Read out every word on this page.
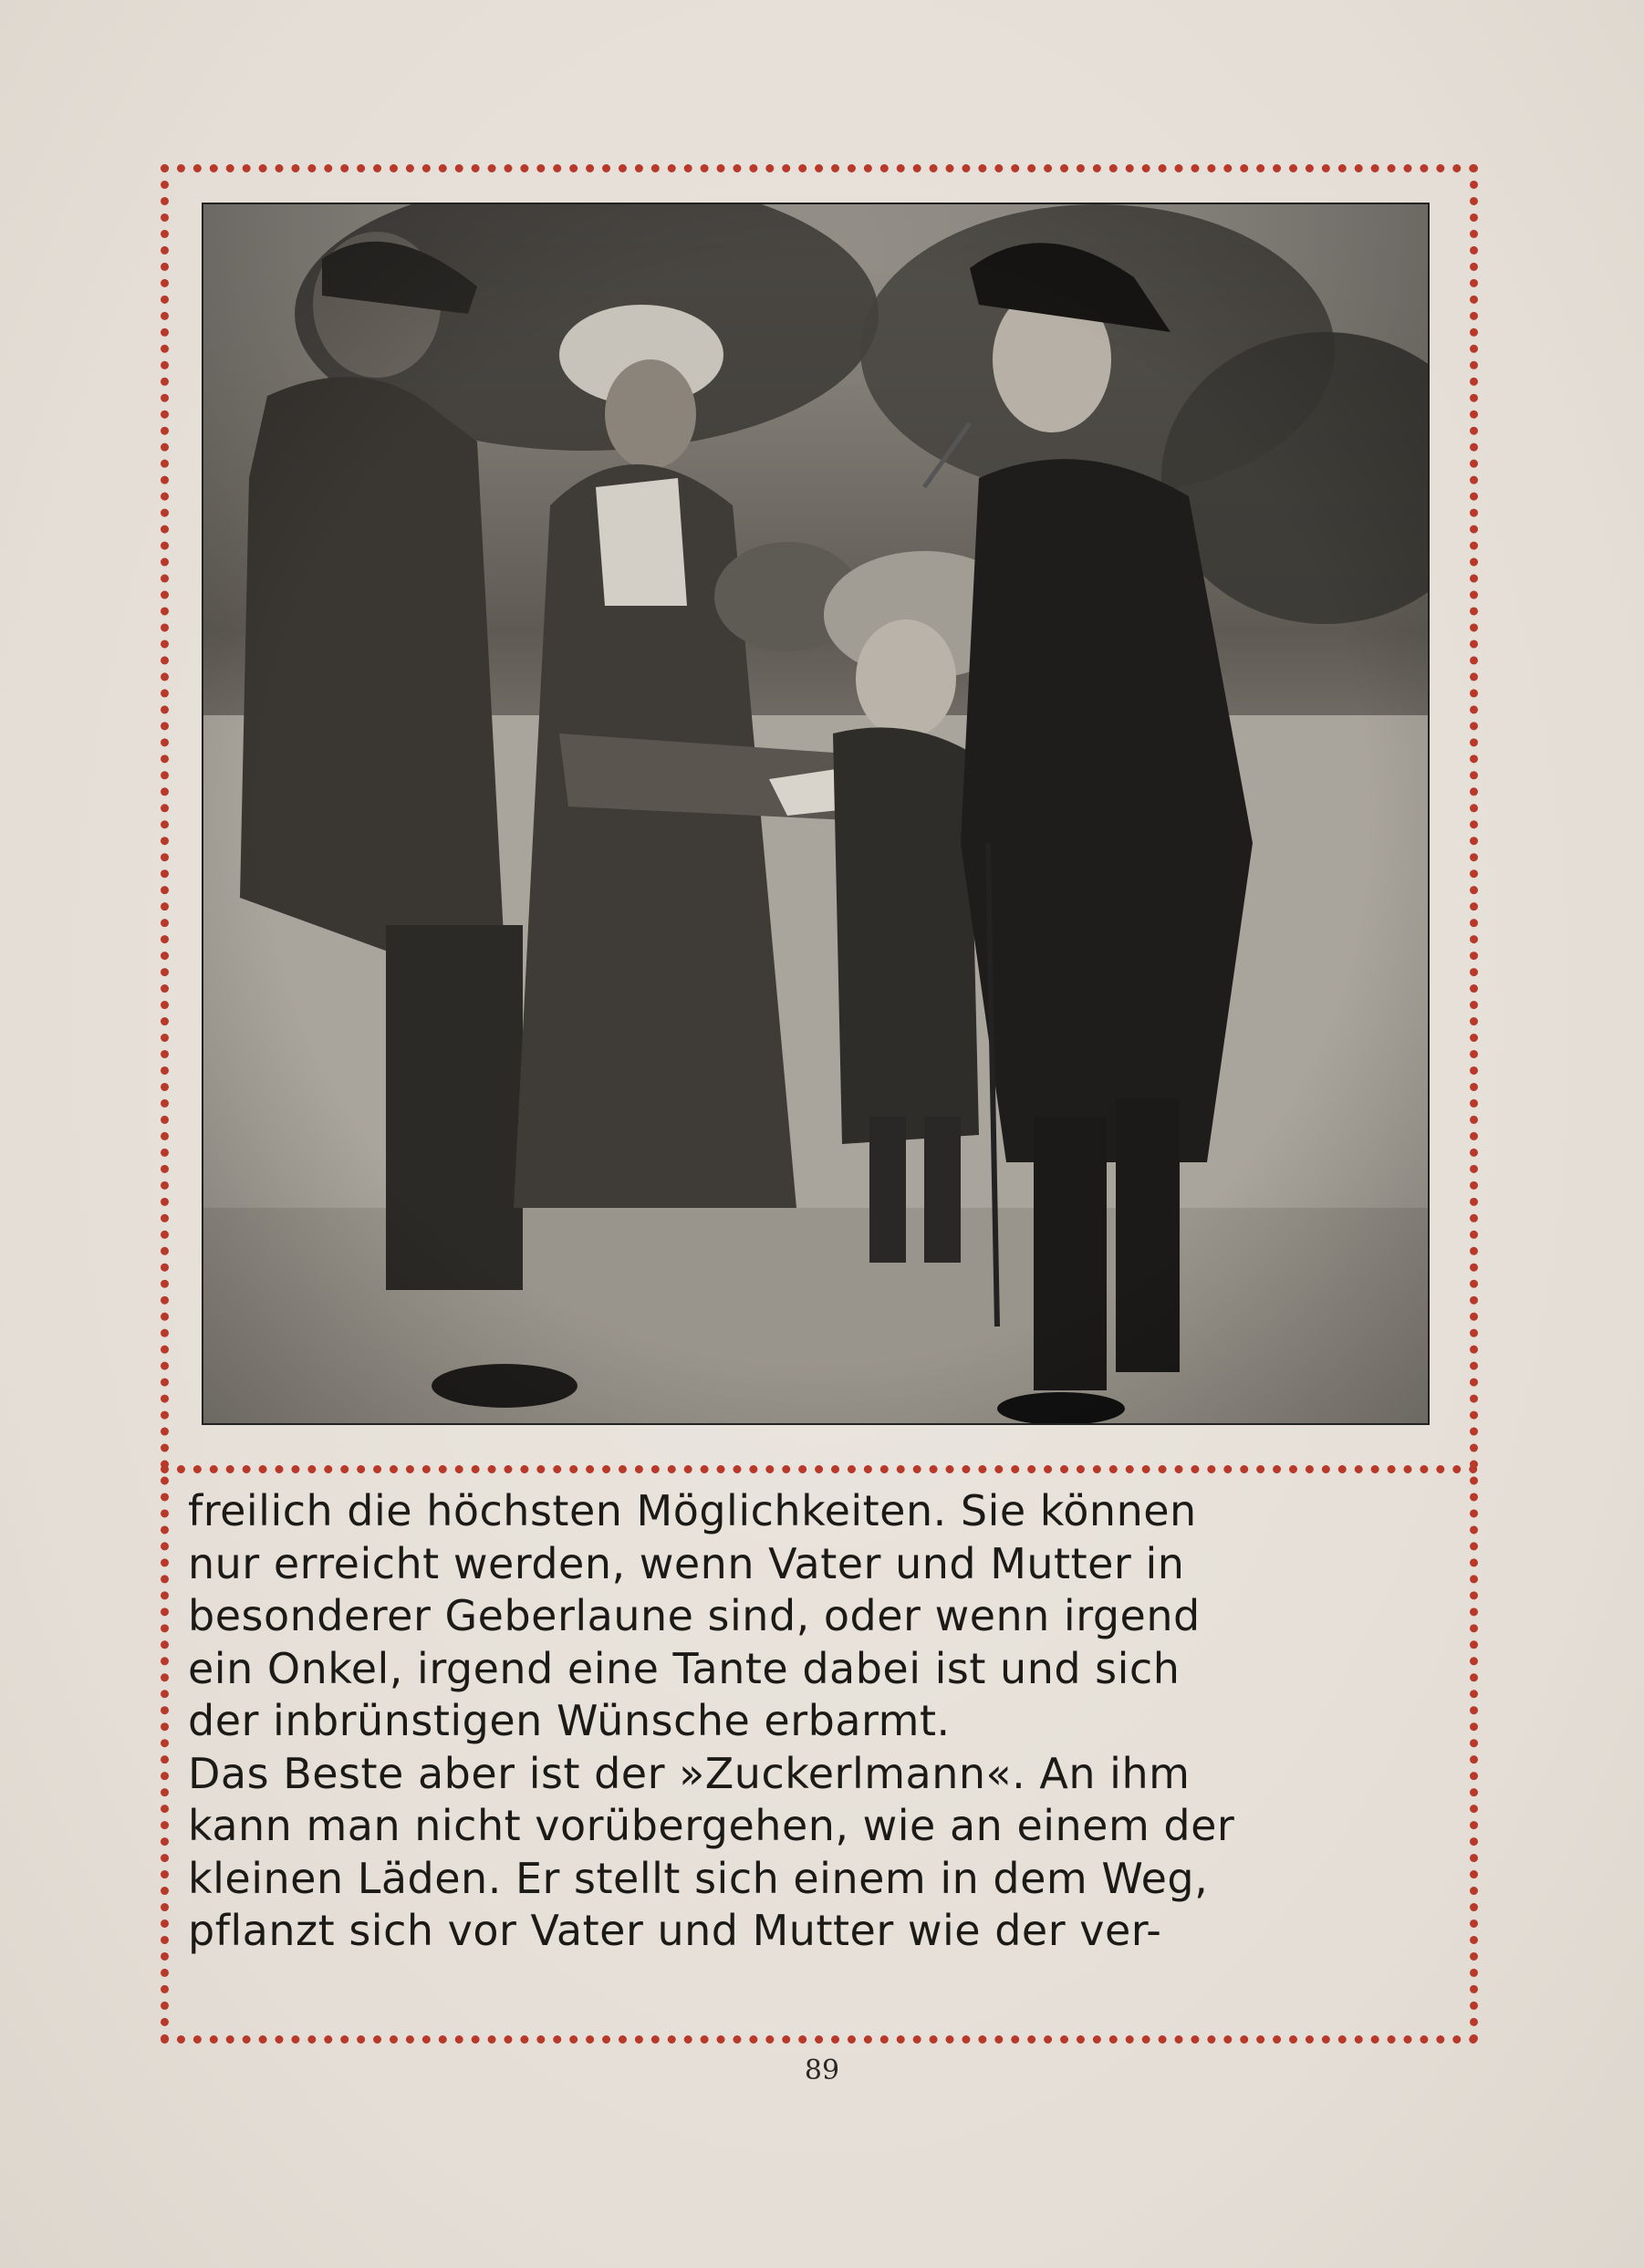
freilich die höchsten Möglichkeiten. Sie können
nur erreicht werden, wenn Vater und Mutter in
besonderer Geberlaune sind, oder wenn irgend
ein Onkel, irgend eine Tante dabei ist und sich
der inbrünstigen Wünsche erbarmt.
Das Beste aber ist der »Zuckerlmann«. An ihm
kann man nicht vorübergehen, wie an einem der
kleinen Läden. Er stellt sich einem in dem Weg,
pflanzt sich vor Vater und Mutter wie der ver-
89
